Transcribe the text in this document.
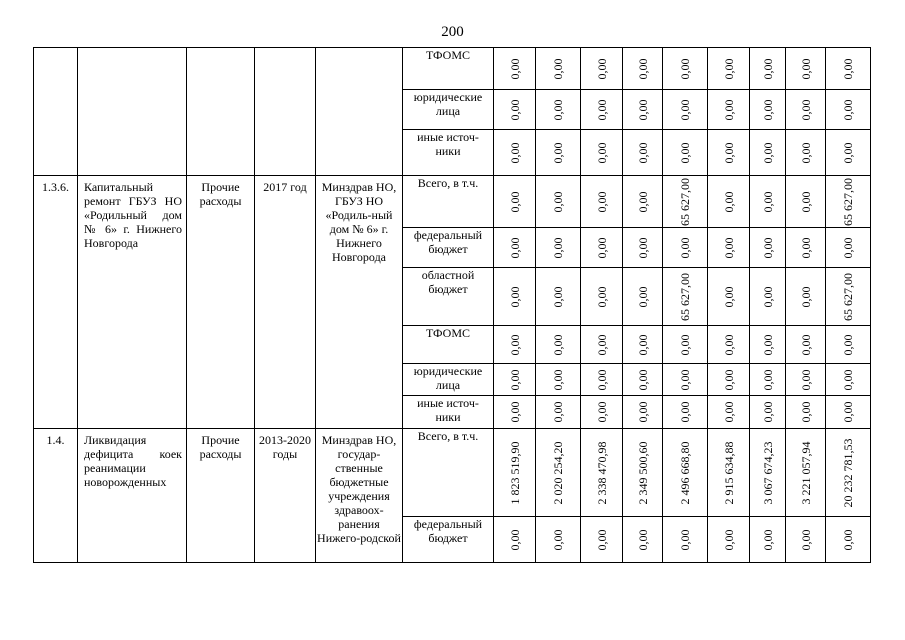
200
					ТФОМС	0,00	0,00	0,00	0,00	0,00	0,00	0,00	0,00	0,00

					юридические лица	0,00	0,00	0,00	0,00	0,00	0,00	0,00	0,00	0,00

					иные источ-ники	0,00	0,00	0,00	0,00	0,00	0,00	0,00	0,00	0,00

1.3.6.	Капитальный ремонт ГБУЗ НО «Родильный дом № 6» г. Нижнего Новгорода	Прочие расходы	2017 год	Минздрав НО, ГБУЗ НО «Родиль-ный дом № 6» г. Нижнего Новгорода	Всего, в т.ч.	0,00	0,00	0,00	0,00	65 627,00	0,00	0,00	0,00	65 627,00

					федеральный бюджет	0,00	0,00	0,00	0,00	0,00	0,00	0,00	0,00	0,00

					областной бюджет	0,00	0,00	0,00	0,00	65 627,00	0,00	0,00	0,00	65 627,00

					ТФОМС	0,00	0,00	0,00	0,00	0,00	0,00	0,00	0,00	0,00

					юридические лица	0,00	0,00	0,00	0,00	0,00	0,00	0,00	0,00	0,00

					иные источ-ники	0,00	0,00	0,00	0,00	0,00	0,00	0,00	0,00	0,00

1.4.	Ликвидация дефицита коек реанимации новорожденных	Прочие расходы	2013-2020 годы	Минздрав НО, государ-ственные бюджетные учреждения здравоох-ранения Нижего-родской	Всего, в т.ч.	1 823 519,90	2 020 254,20	2 338 470,98	2 349 500,60	2 496 668,80	2 915 634,88	3 067 674,23	3 221 057,94	20 232 781,53

					федеральный бюджет	0,00	0,00	0,00	0,00	0,00	0,00	0,00	0,00	0,00
